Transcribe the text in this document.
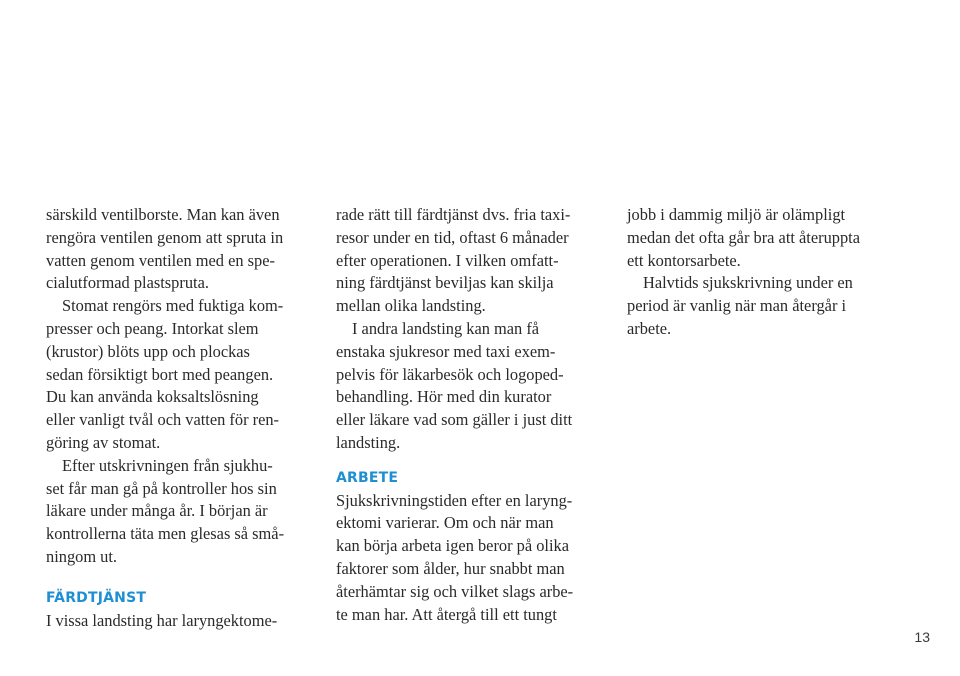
särskild ventilborste. Man kan även
rengöra ventilen genom att spruta in
vatten genom ventilen med en spe-
cialutformad plastspruta.
Stomat rengörs med fuktiga kom-
presser och peang. Intorkat slem
(krustor) blöts upp och plockas
sedan försiktigt bort med peangen.
Du kan använda koksaltslösning
eller vanligt tvål och vatten för ren-
göring av stomat.
Efter utskrivningen från sjukhu-
set får man gå på kontroller hos sin
läkare under många år. I början är
kontrollerna täta men glesas så små-
ningom ut.
FÄRDTJÄNST
I vissa landsting har laryngektome-
rade rätt till färdtjänst dvs. fria taxi-
resor under en tid, oftast 6 månader
efter operationen. I vilken omfatt-
ning färdtjänst beviljas kan skilja
mellan olika landsting.
I andra landsting kan man få
enstaka sjukresor med taxi exem-
pelvis för läkarbesök och logoped-
behandling. Hör med din kurator
eller läkare vad som gäller i just ditt
landsting.
ARBETE
Sjukskrivningstiden efter en laryng-
ektomi varierar. Om och när man
kan börja arbeta igen beror på olika
faktorer som ålder, hur snabbt man
återhämtar sig och vilket slags arbe-
te man har. Att återgå till ett tungt
jobb i dammig miljö är olämpligt
medan det ofta går bra att återuppta
ett kontorsarbete.
Halvtids sjukskrivning under en
period är vanlig när man återgår i
arbete.
13
